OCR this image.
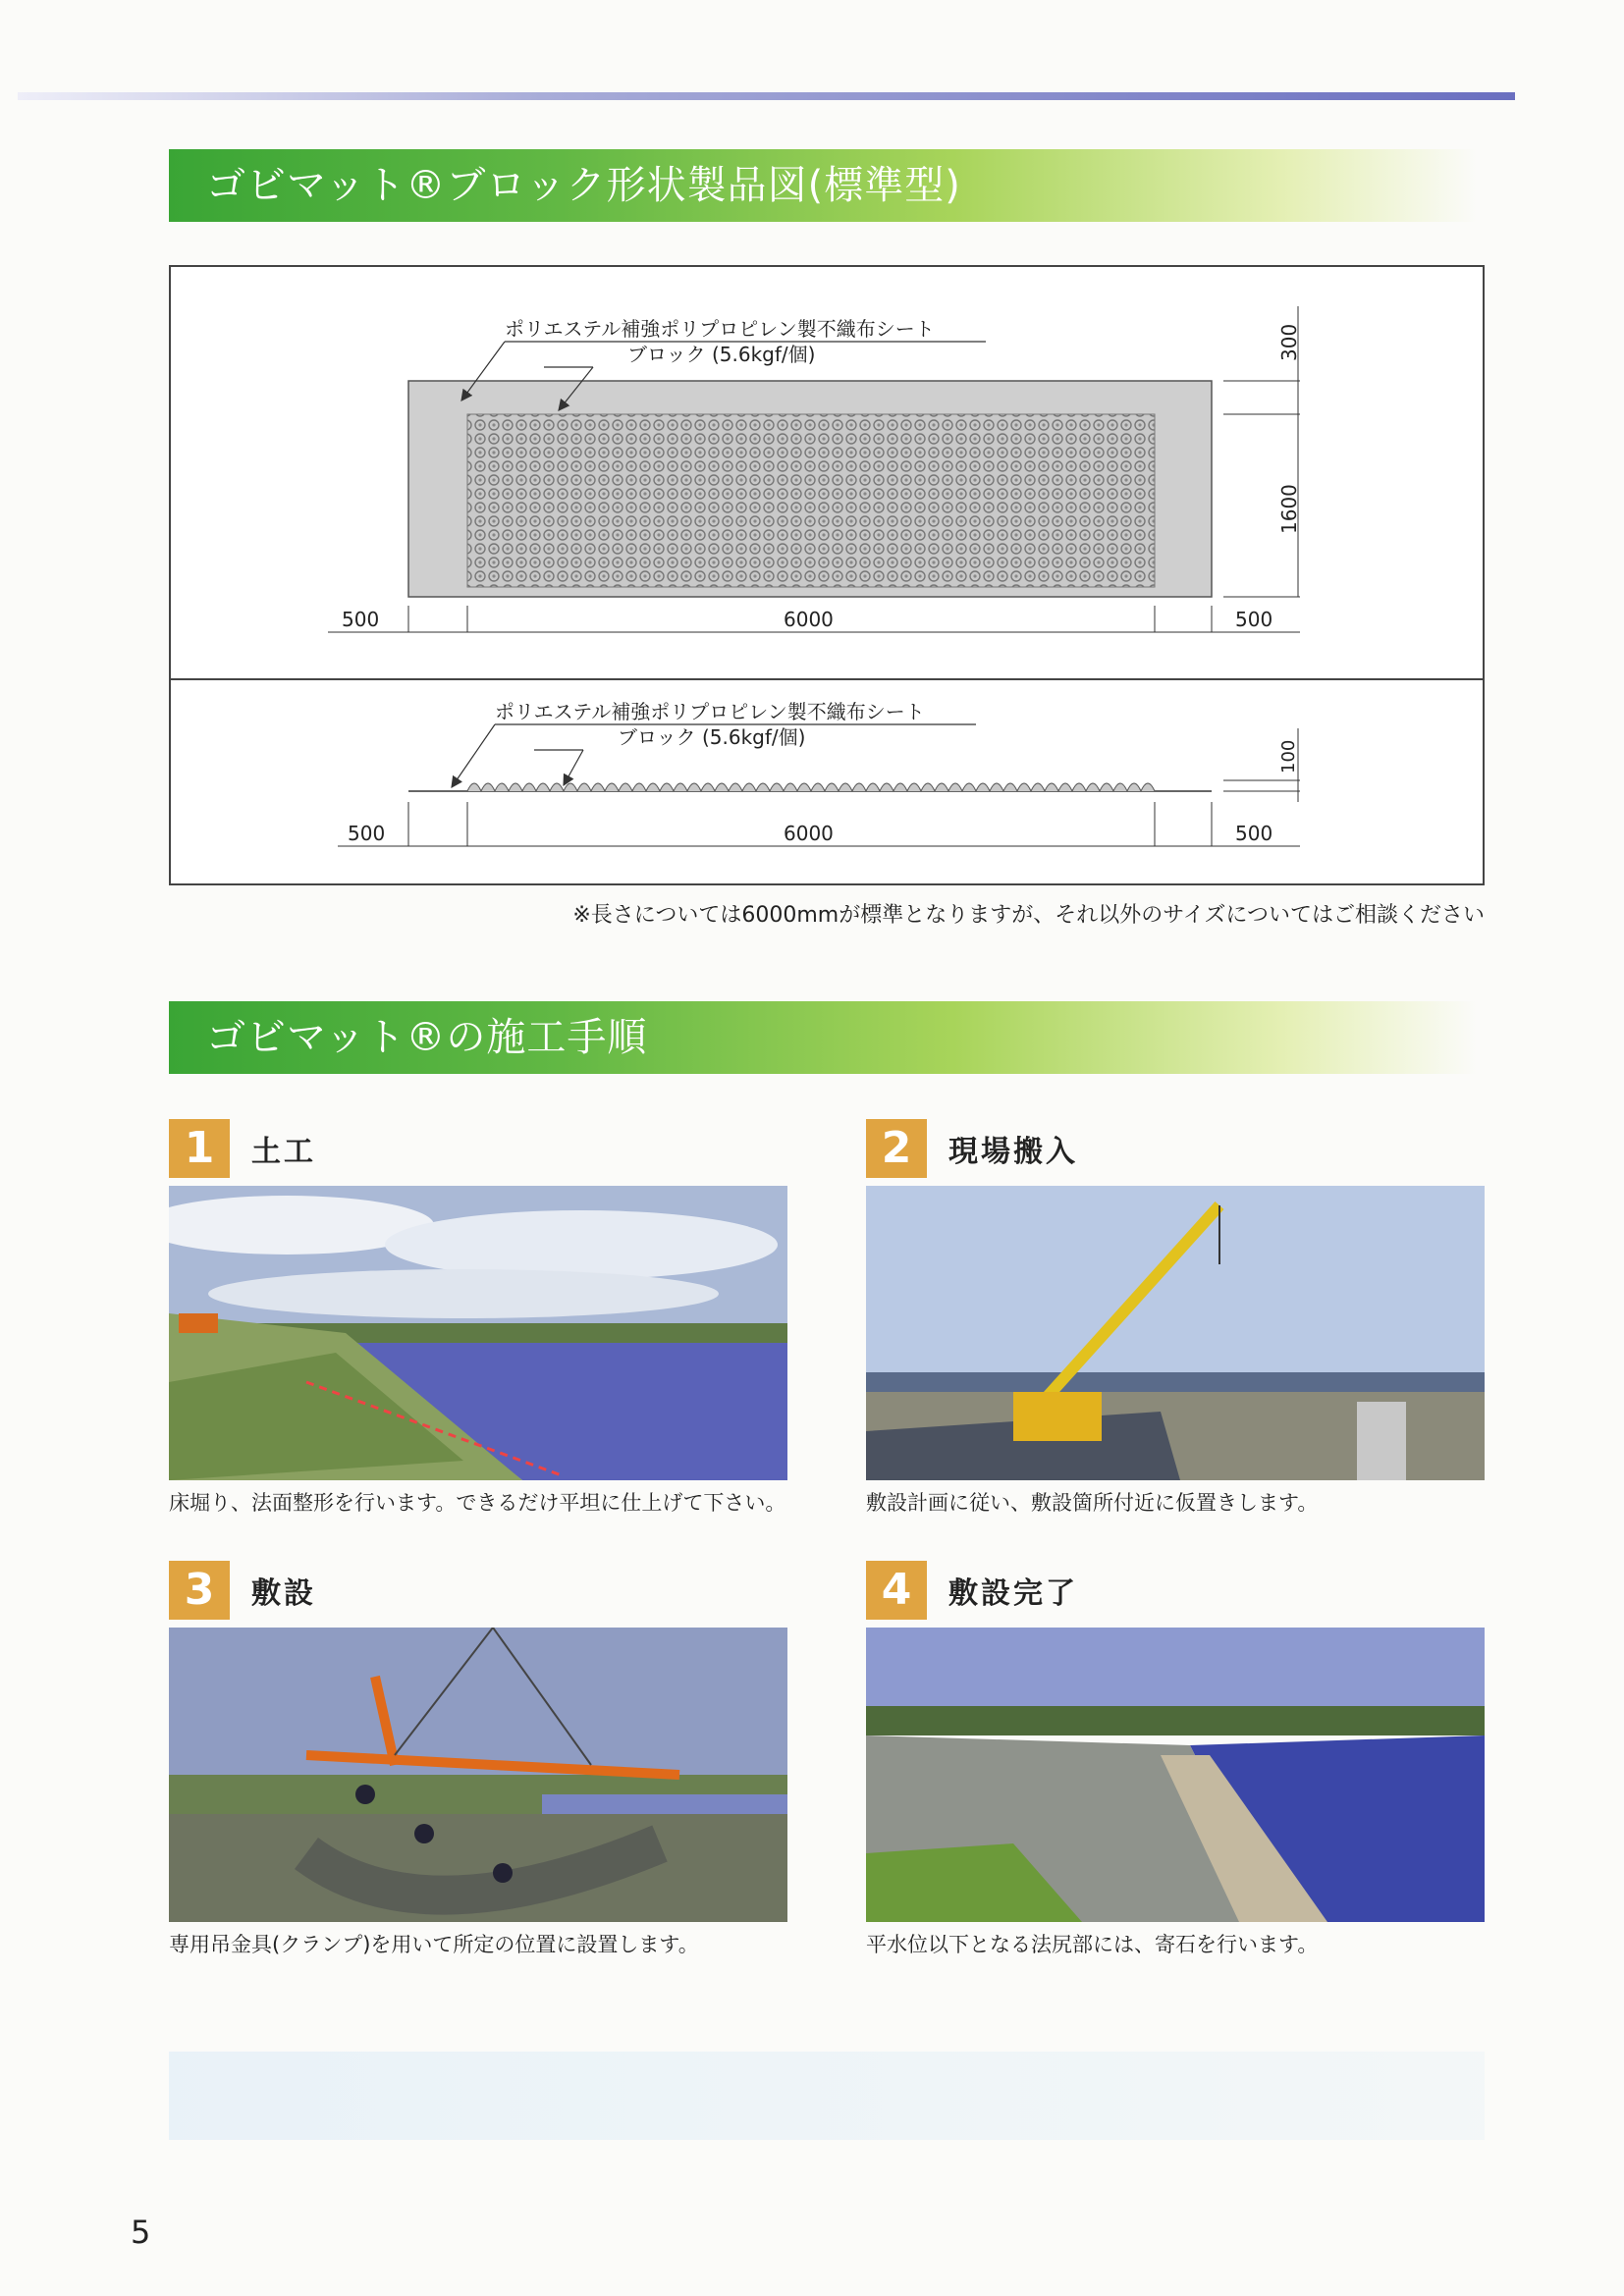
ゴビマット®ブロック形状製品図(標準型)
ポリエステル補強ポリプロピレン製不織布シート
ブロック (5.6kgf/個)	300
1600
500	6000	500
ポリエステル補強ポリプロピレン製不織布シート
ブロック (5.6kgf/個)
100
500	6000	500
※長さについては6000mmが標準となりますが、それ以外のサイズについてはご相談ください
ゴビマット®の施工手順
1	土工
床堀り、法面整形を行います。できるだけ平坦に仕上げて下さい。
2	現場搬入
敷設計画に従い、敷設箇所付近に仮置きします。
3	敷設
専用吊金具(クランプ)を用いて所定の位置に設置します。
4	敷設完了
平水位以下となる法尻部には、寄石を行います。
5
